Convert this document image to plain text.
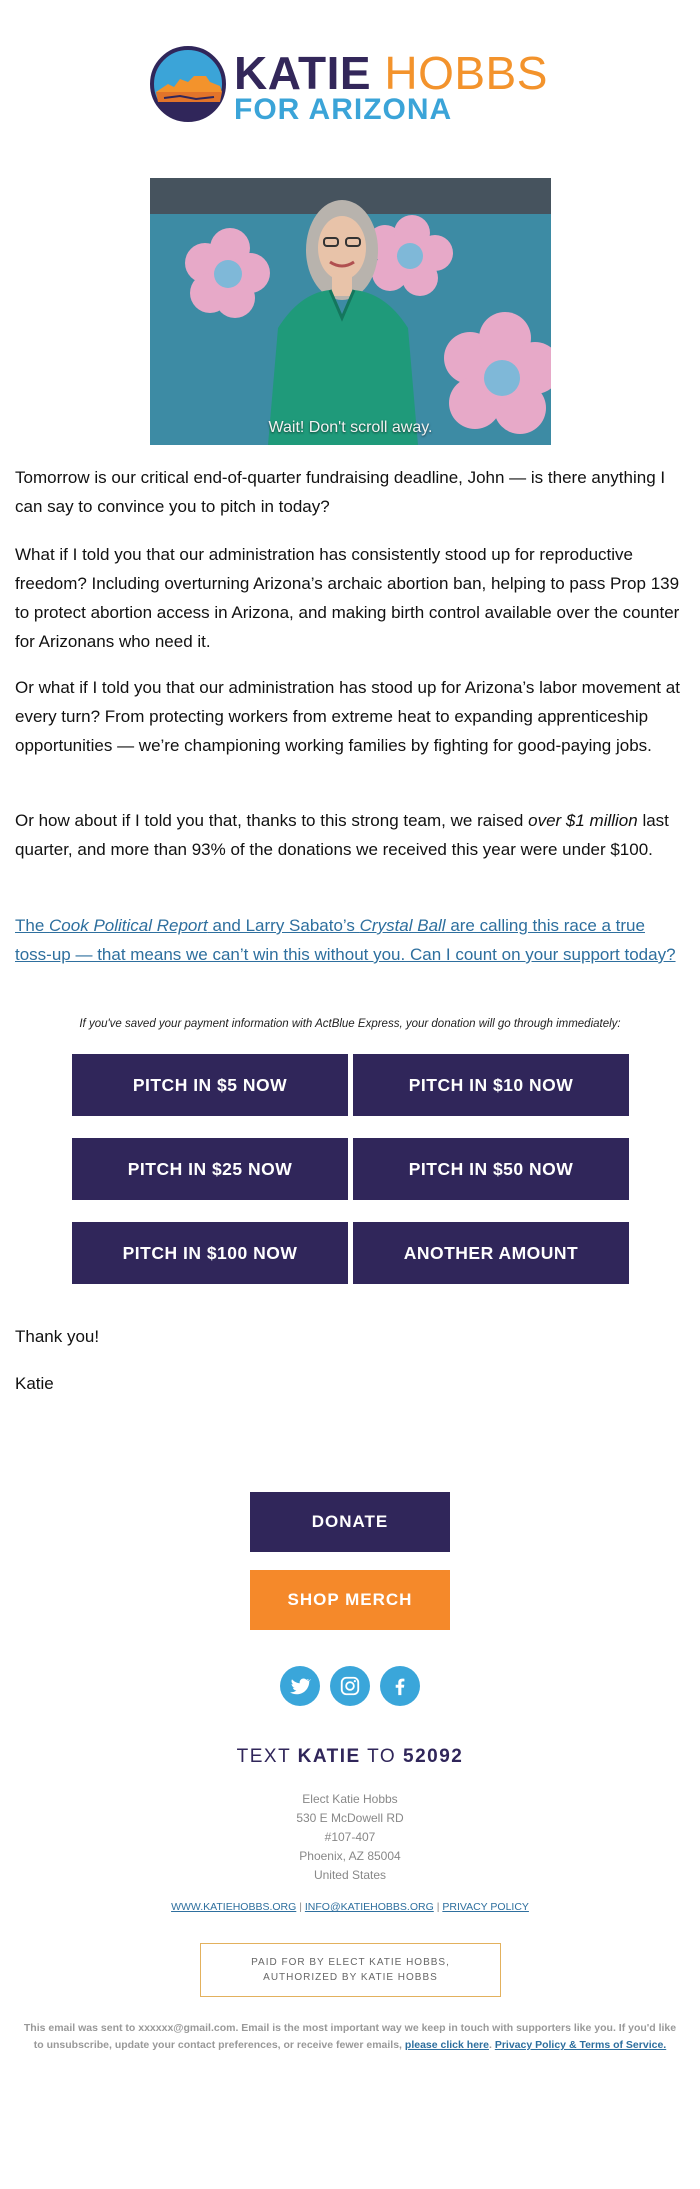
KATIE HOBBS
FOR ARIZONA
Wait! Don't scroll away.

Tomorrow is our critical end-of-quarter fundraising deadline, John — is there anything I can say to convince you to pitch in today?

What if I told you that our administration has consistently stood up for reproductive freedom? Including overturning Arizona’s archaic abortion ban, helping to pass Prop 139 to protect abortion access in Arizona, and making birth control available over the counter for Arizonans who need it.

Or what if I told you that our administration has stood up for Arizona’s labor movement at every turn? From protecting workers from extreme heat to expanding apprenticeship opportunities — we’re championing working families by fighting for good-paying jobs.

Or how about if I told you that, thanks to this strong team, we raised over $1 million last quarter, and more than 93% of the donations we received this year were under $100.

The Cook Political Report and Larry Sabato’s Crystal Ball are calling this race a true toss-up — that means we can’t win this without you. Can I count on your support today?

If you've saved your payment information with ActBlue Express, your donation will go through immediately:

PITCH IN $5 NOW	PITCH IN $10 NOW
PITCH IN $25 NOW	PITCH IN $50 NOW
PITCH IN $100 NOW	ANOTHER AMOUNT

Thank you!

Katie

DONATE
SHOP MERCH

TEXT KATIE TO 52092

Elect Katie Hobbs
530 E McDowell RD
#107-407
Phoenix, AZ 85004
United States

WWW.KATIEHOBBS.ORG | INFO@KATIEHOBBS.ORG | PRIVACY POLICY

PAID FOR BY ELECT KATIE HOBBS,
AUTHORIZED BY KATIE HOBBS

This email was sent to xxxxxx@gmail.com. Email is the most important way we keep in touch with supporters like you. If you'd like to unsubscribe, update your contact preferences, or receive fewer emails, please click here. Privacy Policy & Terms of Service.
